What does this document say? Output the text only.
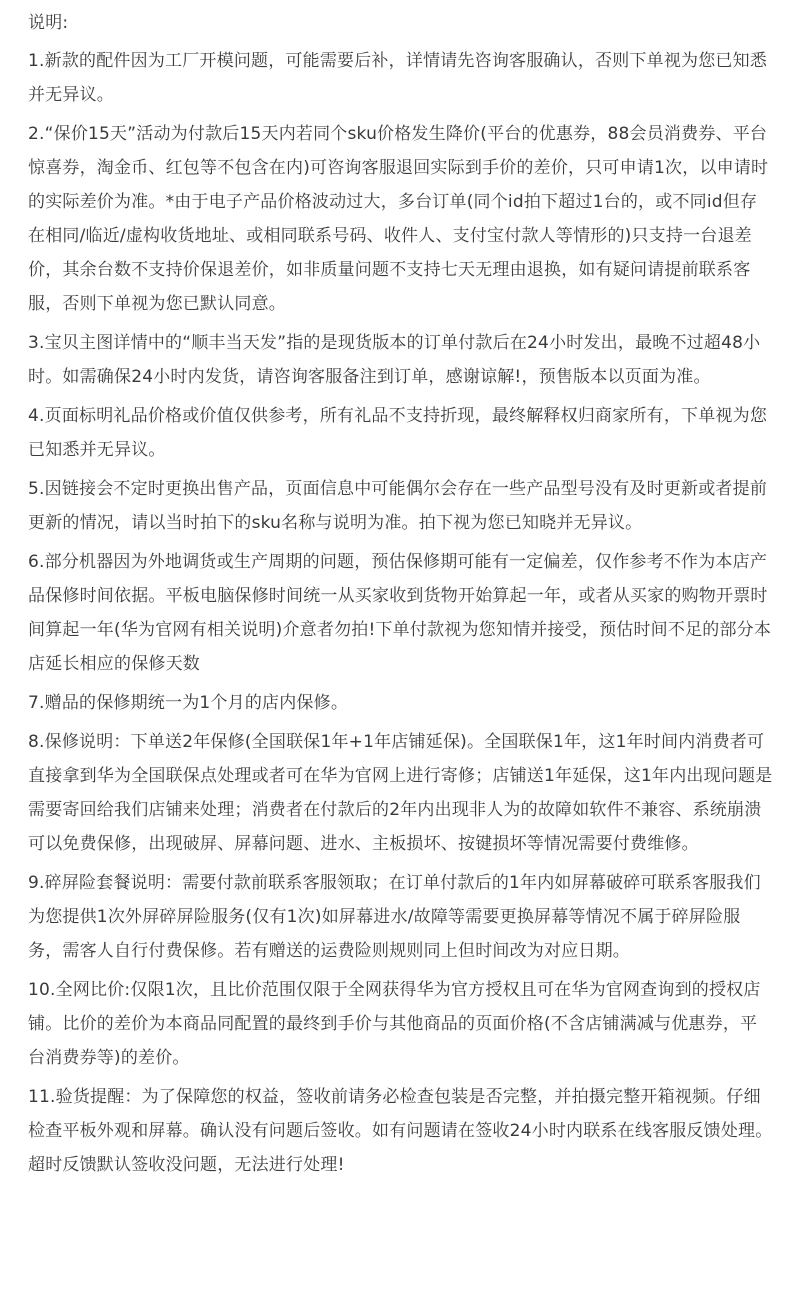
说明:

1.新款的配件因为工厂开模问题，可能需要后补，详情请先咨询客服确认，否则下单视为您已知悉并无异议。

2.“保价15天”活动为付款后15天内若同个sku价格发生降价(平台的优惠券，88会员消费券、平台惊喜券，淘金币、红包等不包含在内)可咨询客服退回实际到手价的差价，只可申请1次，以申请时的实际差价为准。*由于电子产品价格波动过大，多台订单(同个id拍下超过1台的，或不同id但存在相同/临近/虚构收货地址、或相同联系号码、收件人、支付宝付款人等情形的)只支持一台退差价，其余台数不支持价保退差价，如非质量问题不支持七天无理由退换，如有疑问请提前联系客服，否则下单视为您已默认同意。

3.宝贝主图详情中的“顺丰当天发”指的是现货版本的订单付款后在24小时发出，最晚不过超48小时。如需确保24小时内发货，请咨询客服备注到订单，感谢谅解!，预售版本以页面为准。

4.页面标明礼品价格或价值仅供参考，所有礼品不支持折现，最终解释权归商家所有，下单视为您已知悉并无异议。

5.因链接会不定时更换出售产品，页面信息中可能偶尔会存在一些产品型号没有及时更新或者提前更新的情况，请以当时拍下的sku名称与说明为准。拍下视为您已知晓并无异议。

6.部分机器因为外地调货或生产周期的问题，预估保修期可能有一定偏差，仅作参考不作为本店产品保修时间依据。平板电脑保修时间统一从买家收到货物开始算起一年，或者从买家的购物开票时间算起一年(华为官网有相关说明)介意者勿拍!下单付款视为您知情并接受，预估时间不足的部分本店延长相应的保修天数

7.赠品的保修期统一为1个月的店内保修。

8.保修说明：下单送2年保修(全国联保1年+1年店铺延保)。全国联保1年，这1年时间内消费者可直接拿到华为全国联保点处理或者可在华为官网上进行寄修；店铺送1年延保，这1年内出现问题是需要寄回给我们店铺来处理；消费者在付款后的2年内出现非人为的故障如软件不兼容、系统崩溃可以免费保修，出现破屏、屏幕问题、进水、主板损坏、按键损坏等情况需要付费维修。

9.碎屏险套餐说明：需要付款前联系客服领取；在订单付款后的1年内如屏幕破碎可联系客服我们为您提供1次外屏碎屏险服务(仅有1次)如屏幕进水/故障等需要更换屏幕等情况不属于碎屏险服务，需客人自行付费保修。若有赠送的运费险则规则同上但时间改为对应日期。

10.全网比价:仅限1次，且比价范围仅限于全网获得华为官方授权且可在华为官网查询到的授权店铺。比价的差价为本商品同配置的最终到手价与其他商品的页面价格(不含店铺满减与优惠券，平台消费券等)的差价。

11.验货提醒：为了保障您的权益，签收前请务必检查包装是否完整，并拍摄完整开箱视频。仔细检查平板外观和屏幕。确认没有问题后签收。如有问题请在签收24小时内联系在线客服反馈处理。超时反馈默认签收没问题，无法进行处理!
